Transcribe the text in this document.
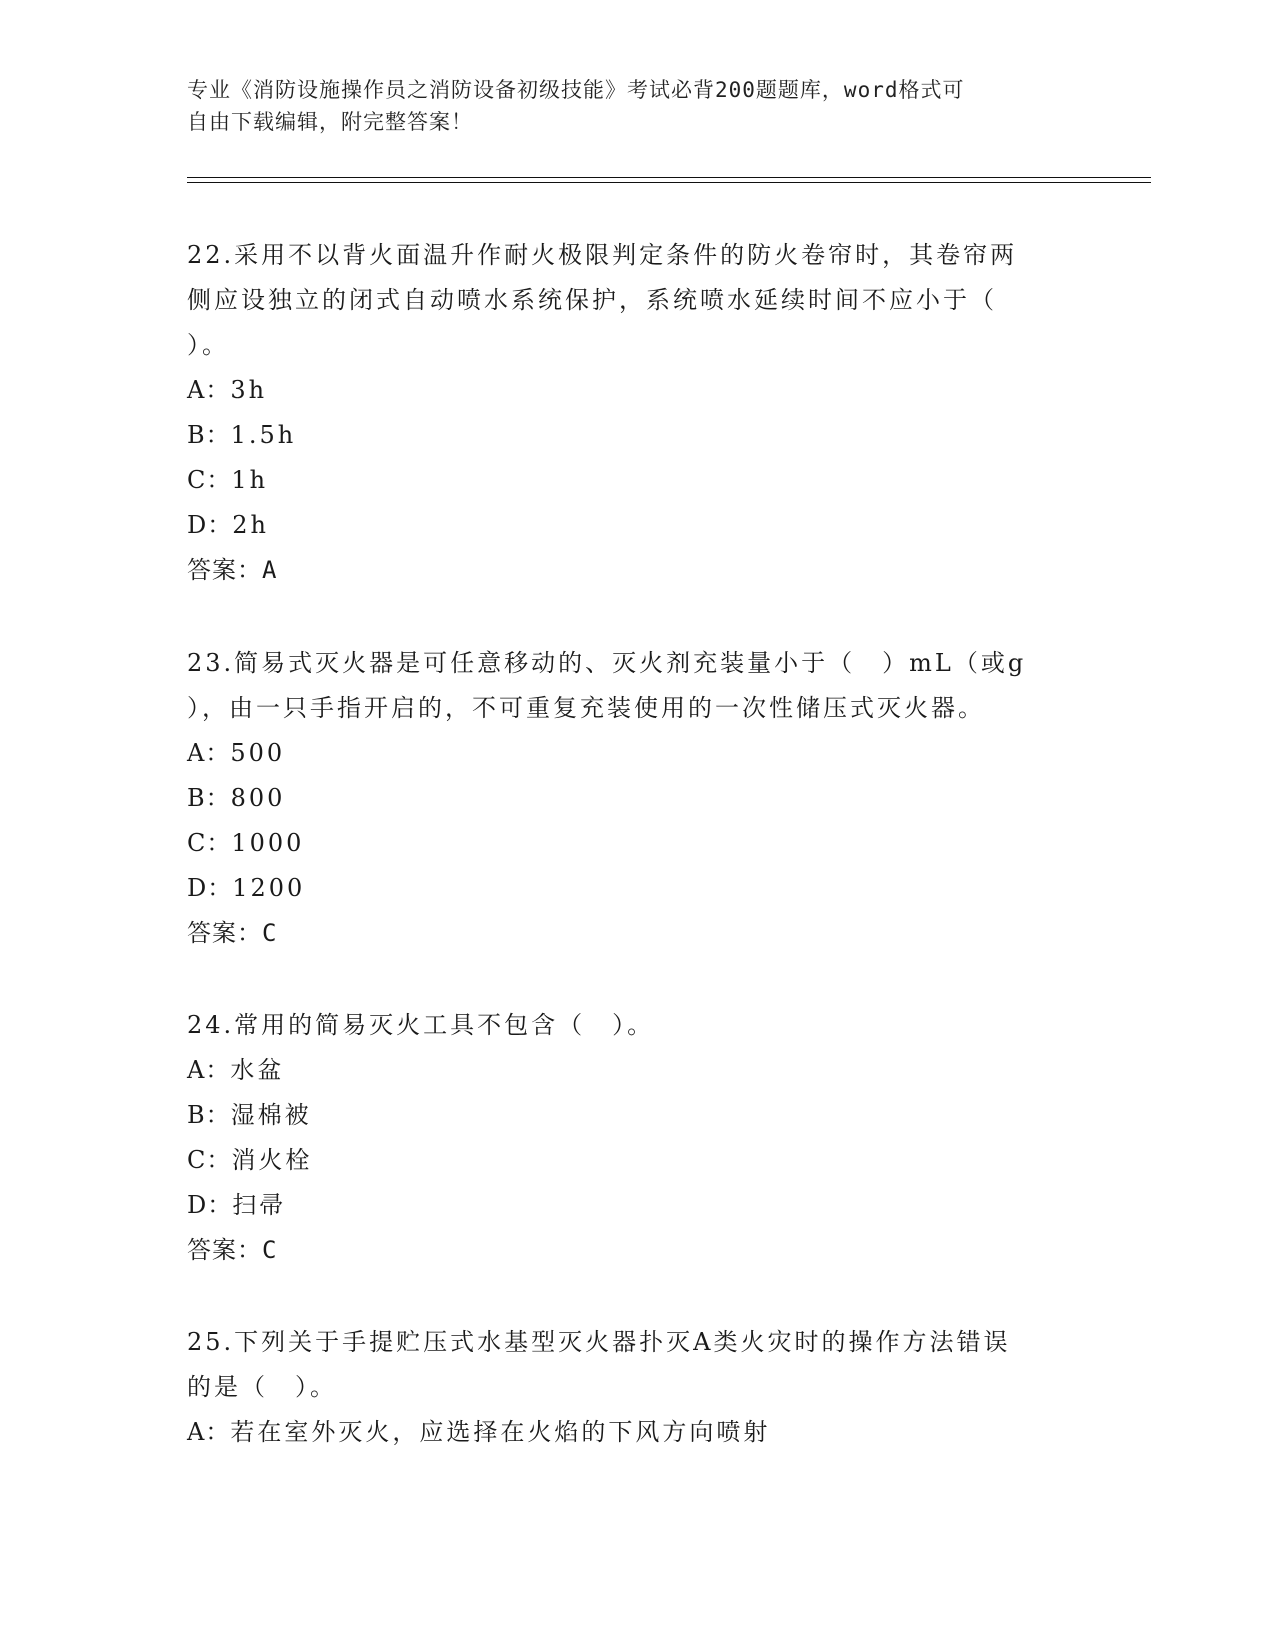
专业《消防设施操作员之消防设备初级技能》考试必背200题题库，word格式可
自由下载编辑，附完整答案！
22.采用不以背火面温升作耐火极限判定条件的防火卷帘时，其卷帘两
侧应设独立的闭式自动喷水系统保护，系统喷水延续时间不应小于（
）。
A：3h
B：1.5h
C：1h
D：2h
答案：A
23.简易式灭火器是可任意移动的、灭火剂充装量小于（　）mL（或g
），由一只手指开启的，不可重复充装使用的一次性储压式灭火器。
A：500
B：800
C：1000
D：1200
答案：C
24.常用的简易灭火工具不包含（　）。
A：水盆
B：湿棉被
C：消火栓
D：扫帚
答案：C
25.下列关于手提贮压式水基型灭火器扑灭A类火灾时的操作方法错误
的是（　）。
A：若在室外灭火，应选择在火焰的下风方向喷射
